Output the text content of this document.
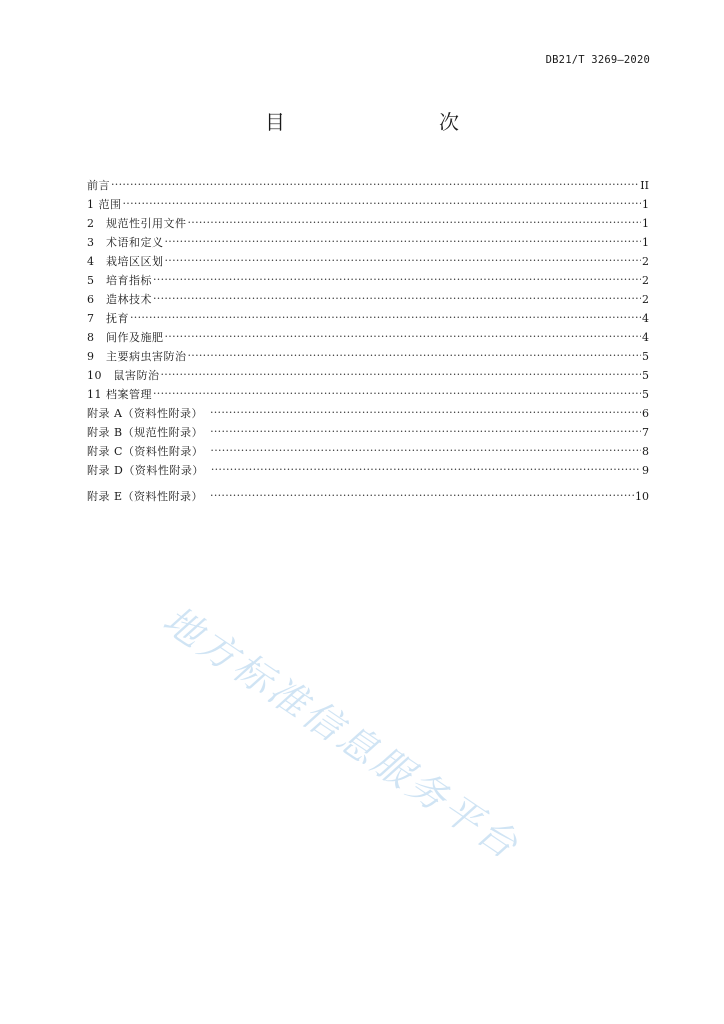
DB21/T 3269—2020
目　　次
前言 ·····	II
1 范围 ·····	1
2　规范性引用文件 ·····	1
3　术语和定义 ·····	1
4　栽培区区划 ·····	2
5　培育指标 ·····	2
6　造林技术 ·····	2
7　抚育 ·····	4
8　间作及施肥 ·····	4
9　主要病虫害防治 ·····	5
10　鼠害防治 ·····	5
11 档案管理 ·····	5
附录 A（资料性附录）　 ·····	6
附录 B（规范性附录）　 ·····	7
附录 C（资料性附录）　 ·····	8
附录 D（资料性附录）　 ·····	9
附录 E（资料性附录）　 ·····	10
地方标准信息服务平台
